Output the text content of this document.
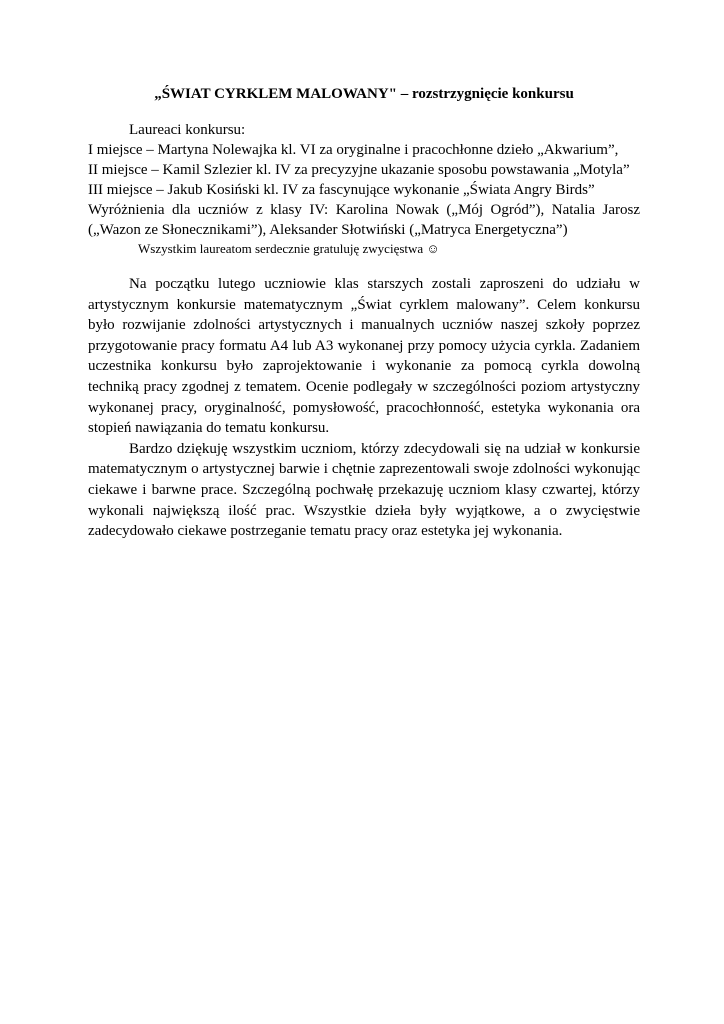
„ŚWIAT CYRKLEM MALOWANY" – rozstrzygnięcie konkursu
Laureaci konkursu:
I miejsce – Martyna Nolewajka kl. VI za oryginalne i pracochłonne dzieło „Akwarium”,
II miejsce – Kamil Szlezier kl. IV za precyzyjne ukazanie sposobu powstawania „Motyla”
III miejsce – Jakub Kosiński kl. IV za fascynujące wykonanie „Świata Angry Birds”
Wyróżnienia dla uczniów z klasy IV: Karolina Nowak („Mój Ogród”), Natalia Jarosz
(„Wazon ze Słonecznikami”), Aleksander Słotwiński („Matryca Energetyczna”)
Wszystkim laureatom serdecznie gratuluję zwycięstwa ☺

Na początku lutego uczniowie klas starszych zostali zaproszeni do udziału w artystycznym konkursie matematycznym „Świat cyrklem malowany”. Celem konkursu było rozwijanie zdolności artystycznych i manualnych uczniów naszej szkoły poprzez przygotowanie pracy formatu A4 lub A3 wykonanej przy pomocy użycia cyrkla. Zadaniem uczestnika konkursu było zaprojektowanie i wykonanie za pomocą cyrkla dowolną techniką pracy zgodnej z tematem. Ocenie podlegały w szczególności poziom artystyczny wykonanej pracy, oryginalność, pomysłowość, pracochłonność, estetyka wykonania ora stopień nawiązania do tematu konkursu.

Bardzo dziękuję wszystkim uczniom, którzy zdecydowali się na udział w konkursie matematycznym o artystycznej barwie i chętnie zaprezentowali swoje zdolności wykonując ciekawe i barwne prace. Szczególną pochwałę przekazuję uczniom klasy czwartej, którzy wykonali największą ilość prac. Wszystkie dzieła były wyjątkowe, a o zwycięstwie zadecydowało ciekawe postrzeganie tematu pracy oraz estetyka jej wykonania.
